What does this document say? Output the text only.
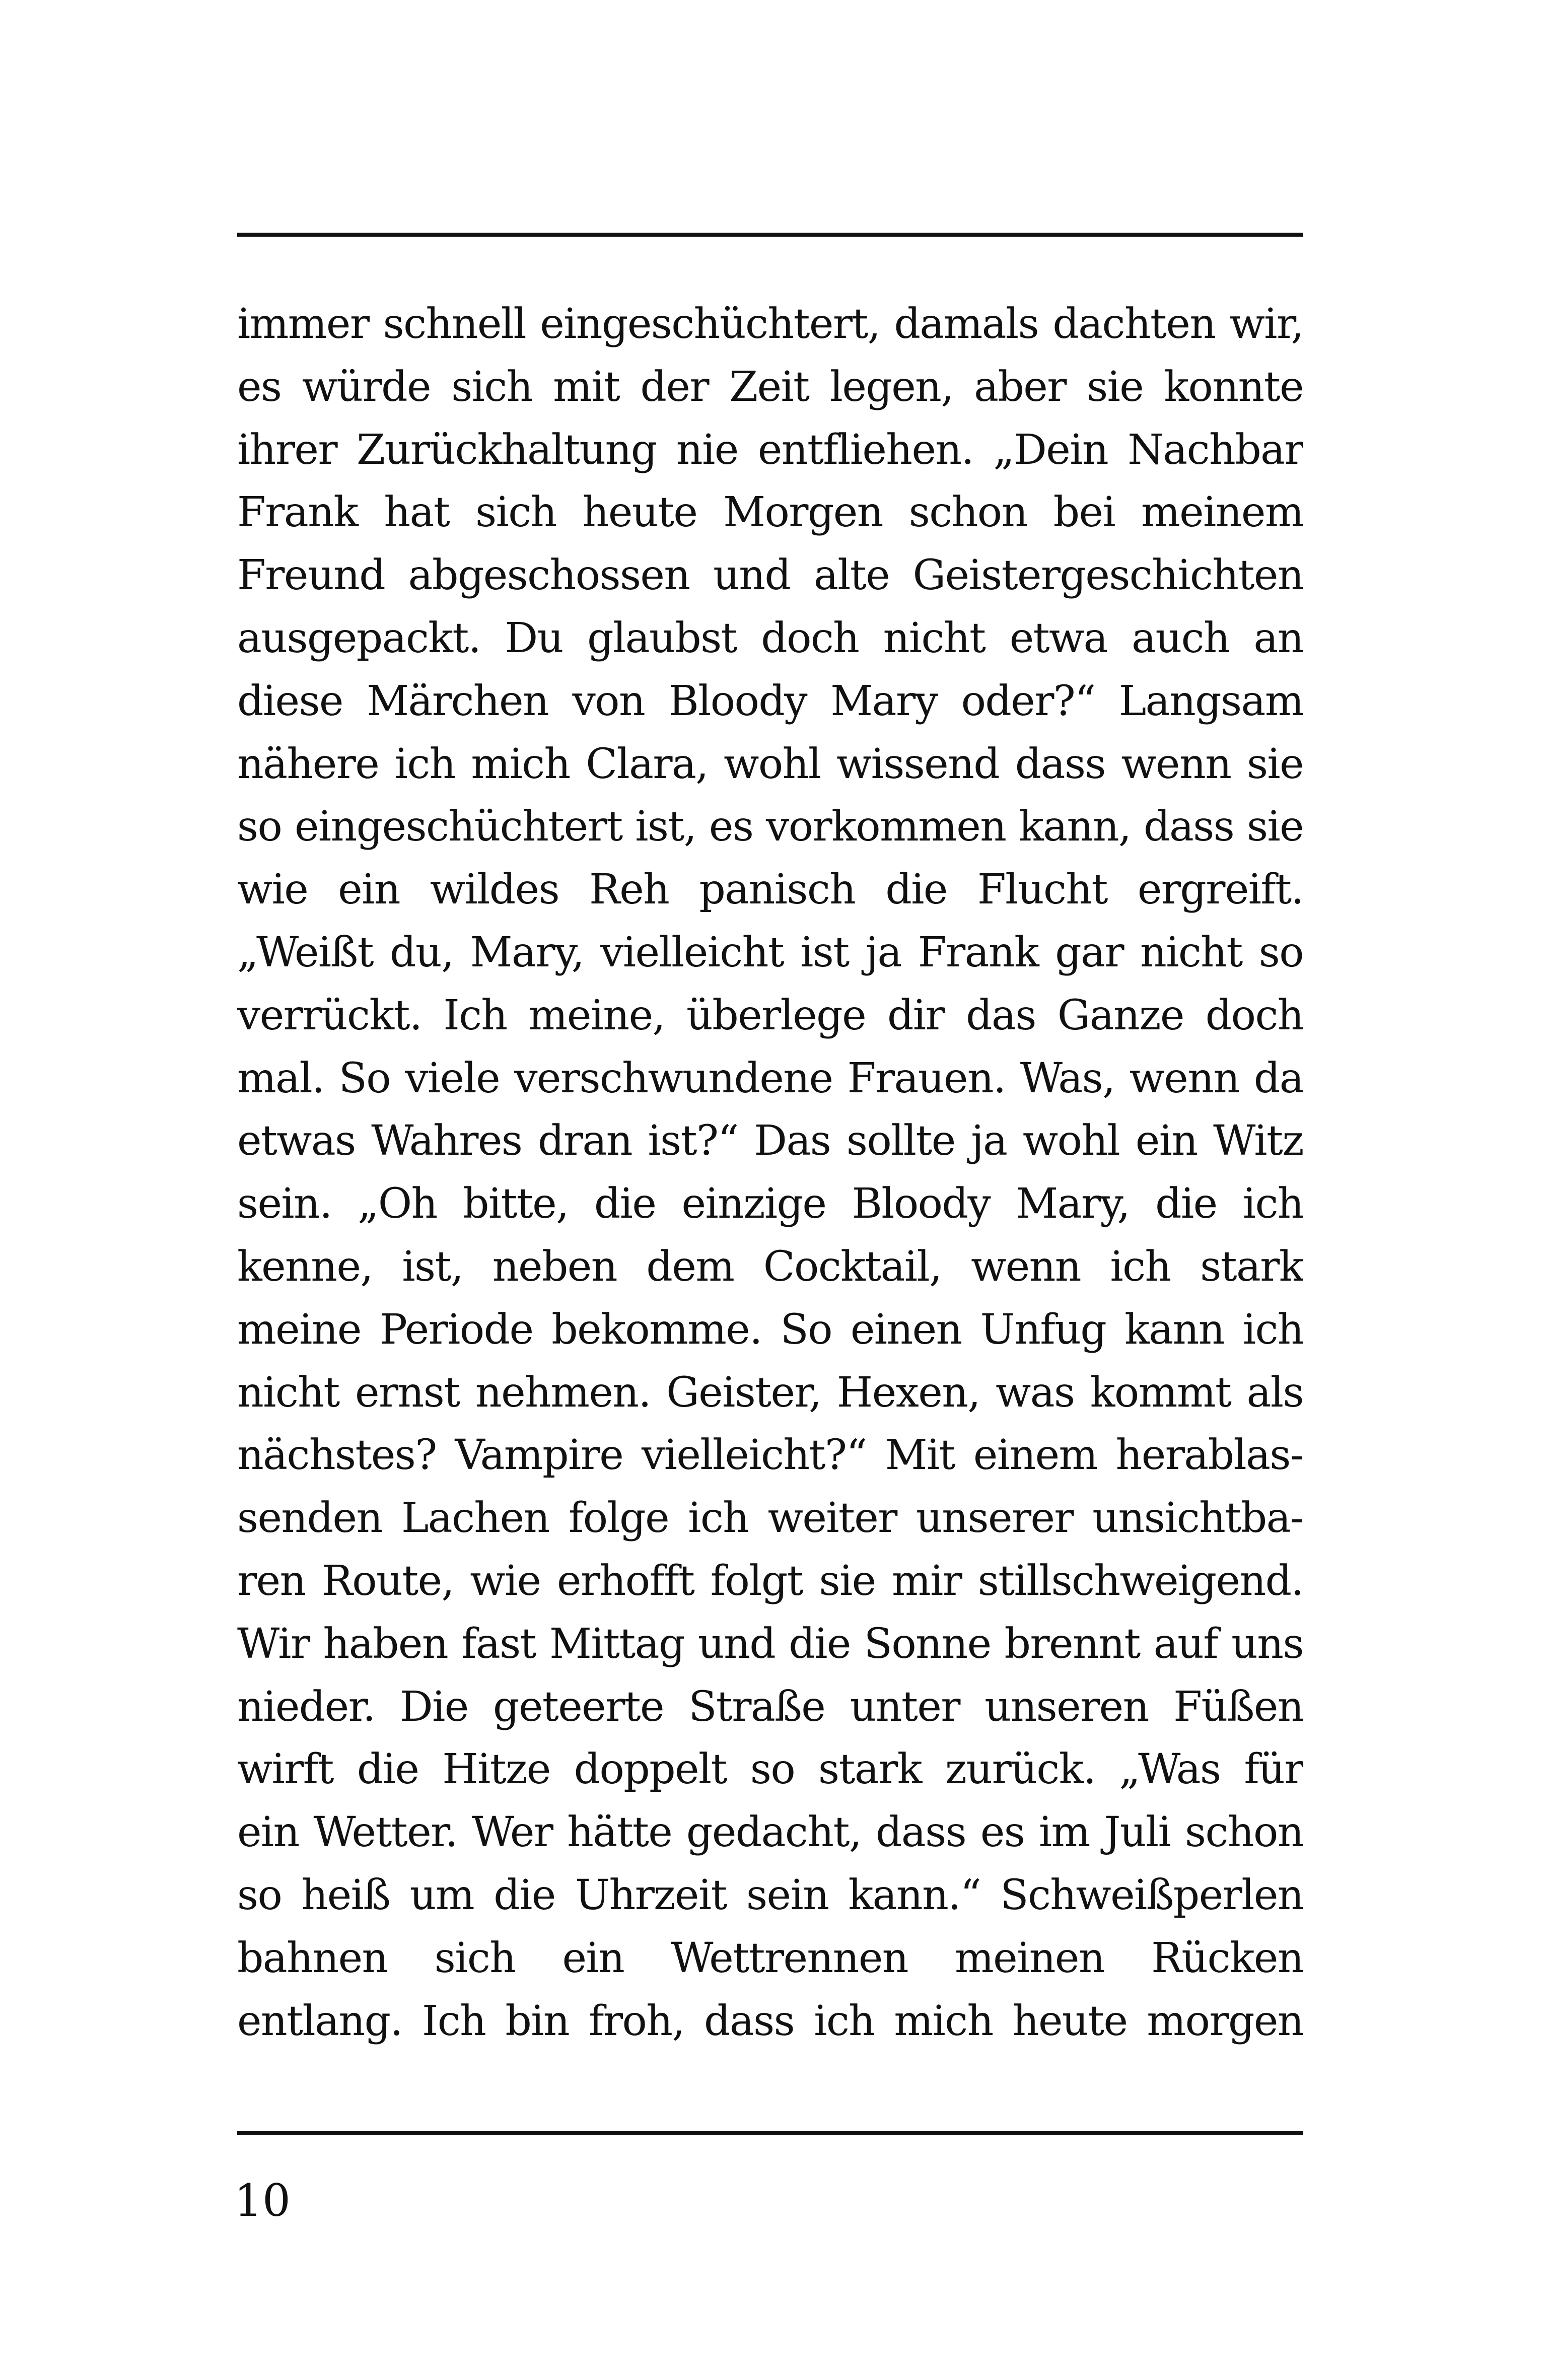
immer schnell eingeschüchtert, damals dachten wir,
es würde sich mit der Zeit legen, aber sie konnte
ihrer Zurückhaltung nie entfliehen. „Dein Nachbar
Frank hat sich heute Morgen schon bei meinem
Freund abgeschossen und alte Geistergeschichten
ausgepackt. Du glaubst doch nicht etwa auch an
diese Märchen von Bloody Mary oder?“ Langsam
nähere ich mich Clara, wohl wissend dass wenn sie
so eingeschüchtert ist, es vorkommen kann, dass sie
wie ein wildes Reh panisch die Flucht ergreift.
„Weißt du, Mary, vielleicht ist ja Frank gar nicht so
verrückt. Ich meine, überlege dir das Ganze doch
mal. So viele verschwundene Frauen. Was, wenn da
etwas Wahres dran ist?“ Das sollte ja wohl ein Witz
sein. „Oh bitte, die einzige Bloody Mary, die ich
kenne, ist, neben dem Cocktail, wenn ich stark
meine Periode bekomme. So einen Unfug kann ich
nicht ernst nehmen. Geister, Hexen, was kommt als
nächstes? Vampire vielleicht?“ Mit einem herablas-
senden Lachen folge ich weiter unserer unsichtba-
ren Route, wie erhofft folgt sie mir stillschweigend.
Wir haben fast Mittag und die Sonne brennt auf uns
nieder. Die geteerte Straße unter unseren Füßen
wirft die Hitze doppelt so stark zurück. „Was für
ein Wetter. Wer hätte gedacht, dass es im Juli schon
so heiß um die Uhrzeit sein kann.“ Schweißperlen
bahnen sich ein Wettrennen meinen Rücken
entlang. Ich bin froh, dass ich mich heute morgen

10
